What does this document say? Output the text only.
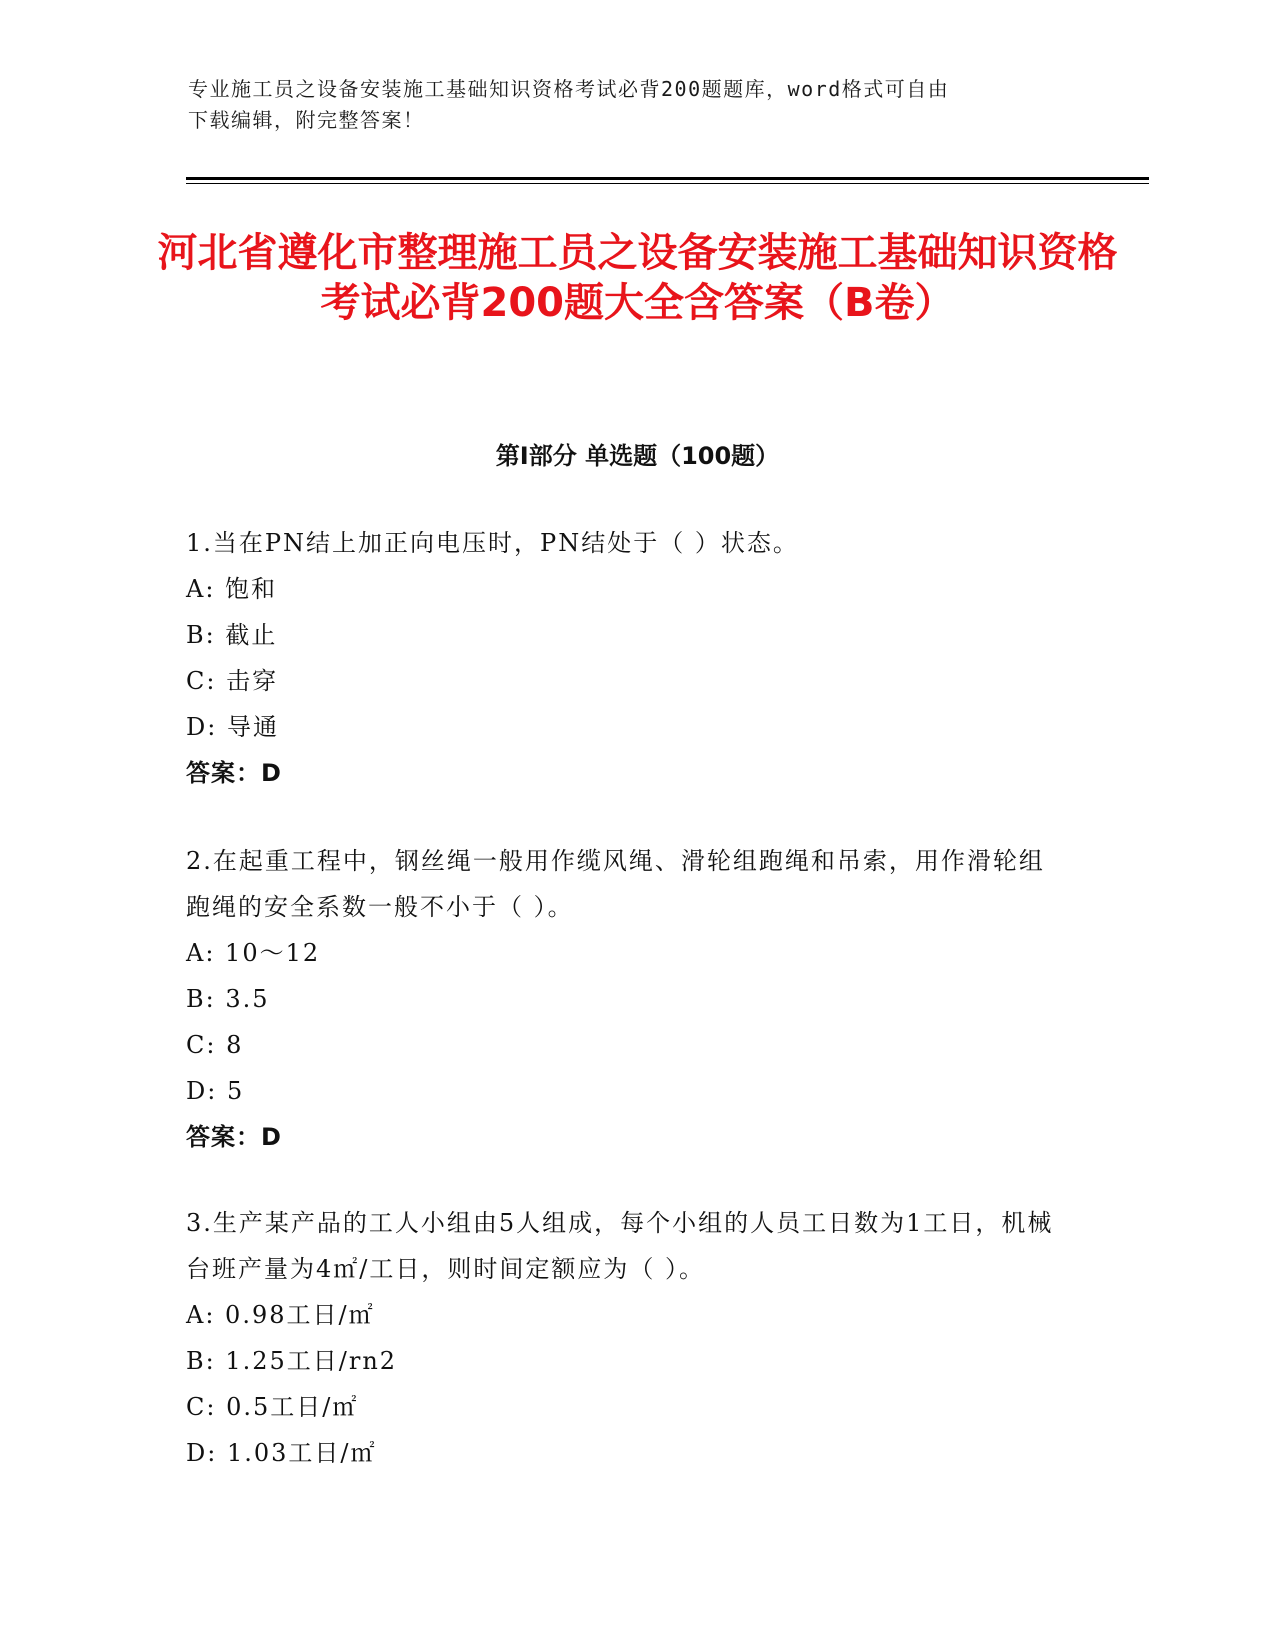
专业施工员之设备安装施工基础知识资格考试必背200题题库，word格式可自由
下载编辑，附完整答案！
河北省遵化市整理施工员之设备安装施工基础知识资格考试必背200题大全含答案（B卷）
第Ⅰ部分 单选题（100题）

1.当在PN结上加正向电压时，PN结处于（ ）状态。

A: 饱和

B: 截止

C: 击穿

D: 导通

答案：D

2.在起重工程中，钢丝绳一般用作缆风绳、滑轮组跑绳和吊索，用作滑轮组跑绳的安全系数一般不小于（ ）。

A: 10～12

B: 3.5

C: 8

D: 5

答案：D

3.生产某产品的工人小组由5人组成，每个小组的人员工日数为1工日，机械台班产量为4㎡/工日，则时间定额应为（ ）。

A: 0.98工日/㎡

B: 1.25工日/rn2

C: 0.5工日/㎡

D: 1.03工日/㎡
